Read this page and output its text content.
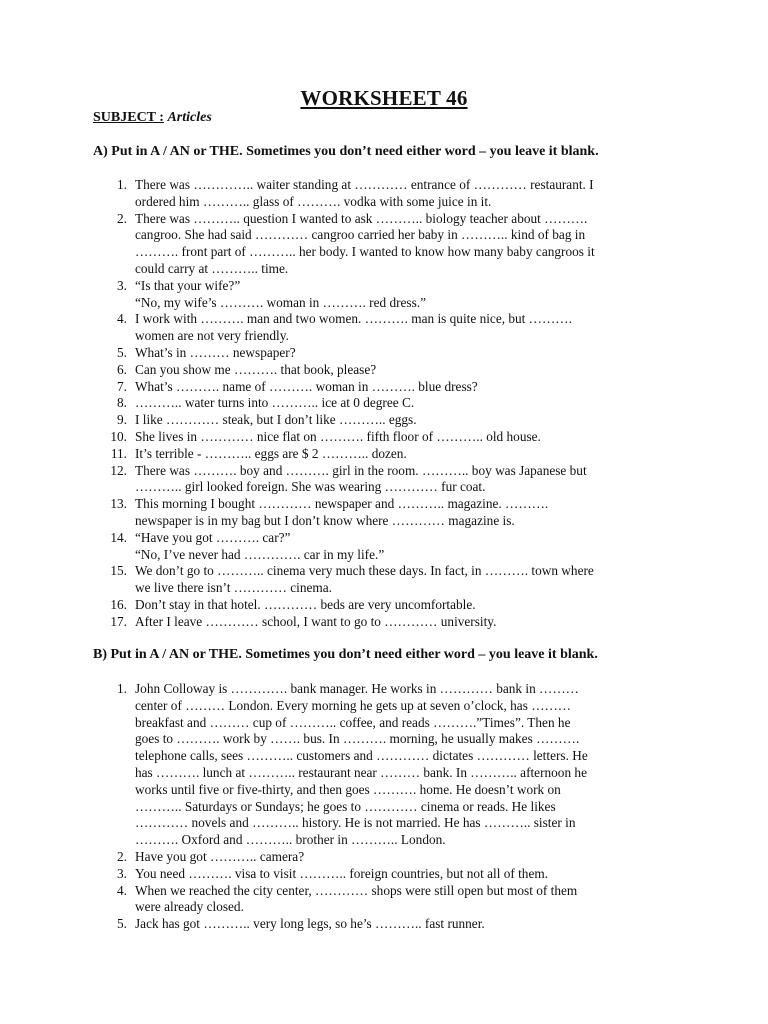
WORKSHEET 46
SUBJECT : Articles
A) Put in A / AN or THE. Sometimes you don’t need either word – you leave it blank.
1. There was ………….. waiter standing at ………… entrance of ………… restaurant. I
ordered him ……….. glass of ………. vodka with some juice in it.
2. There was ……….. question I wanted to ask ……….. biology teacher about ……….
cangroo. She had said ………… cangroo carried her baby in ……….. kind of bag in
………. front part of ……….. her body. I wanted to know how many baby cangroos it
could carry at ……….. time.
3. “Is that your wife?”
“No, my wife’s ………. woman in ………. red dress.”
4. I work with ………. man and two women. ………. man is quite nice, but ……….
women are not very friendly.
5. What’s in ……… newspaper?
6. Can you show me ………. that book, please?
7. What’s ………. name of ………. woman in ………. blue dress?
8. ……….. water turns into ……….. ice at 0 degree C.
9. I like ………… steak, but I don’t like ……….. eggs.
10. She lives in ………… nice flat on ………. fifth floor of ……….. old house.
11. It’s terrible - ……….. eggs are $ 2 ……….. dozen.
12. There was ………. boy and ………. girl in the room. ……….. boy was Japanese but
……….. girl looked foreign. She was wearing ………… fur coat.
13. This morning I bought ………… newspaper and ……….. magazine. ……….
newspaper is in my bag but I don’t know where ………… magazine is.
14. “Have you got ………. car?”
“No, I’ve never had …………. car in my life.”
15. We don’t go to ……….. cinema very much these days. In fact, in ………. town where
we live there isn’t ………… cinema.
16. Don’t stay in that hotel. ………… beds are very uncomfortable.
17. After I leave ………… school, I want to go to ………… university.
B) Put in A / AN or THE. Sometimes you don’t need either word – you leave it blank.
1. John Colloway is …………. bank manager. He works in ………… bank in ………
center of ……… London. Every morning he gets up at seven o’clock, has ………
breakfast and ……… cup of ……….. coffee, and reads ……….”Times”. Then he
goes to ………. work by ……. bus. In ………. morning, he usually makes ……….
telephone calls, sees ……….. customers and ………… dictates ………… letters. He
has ………. lunch at ……….. restaurant near ……… bank. In ……….. afternoon he
works until five or five-thirty, and then goes ………. home. He doesn’t work on
……….. Saturdays or Sundays; he goes to ………… cinema or reads. He likes
………… novels and ……….. history. He is not married. He has ……….. sister in
………. Oxford and ……….. brother in ……….. London.
2. Have you got ……….. camera?
3. You need ………. visa to visit ……….. foreign countries, but not all of them.
4. When we reached the city center, ………… shops were still open but most of them
were already closed.
5. Jack has got ……….. very long legs, so he’s ……….. fast runner.
